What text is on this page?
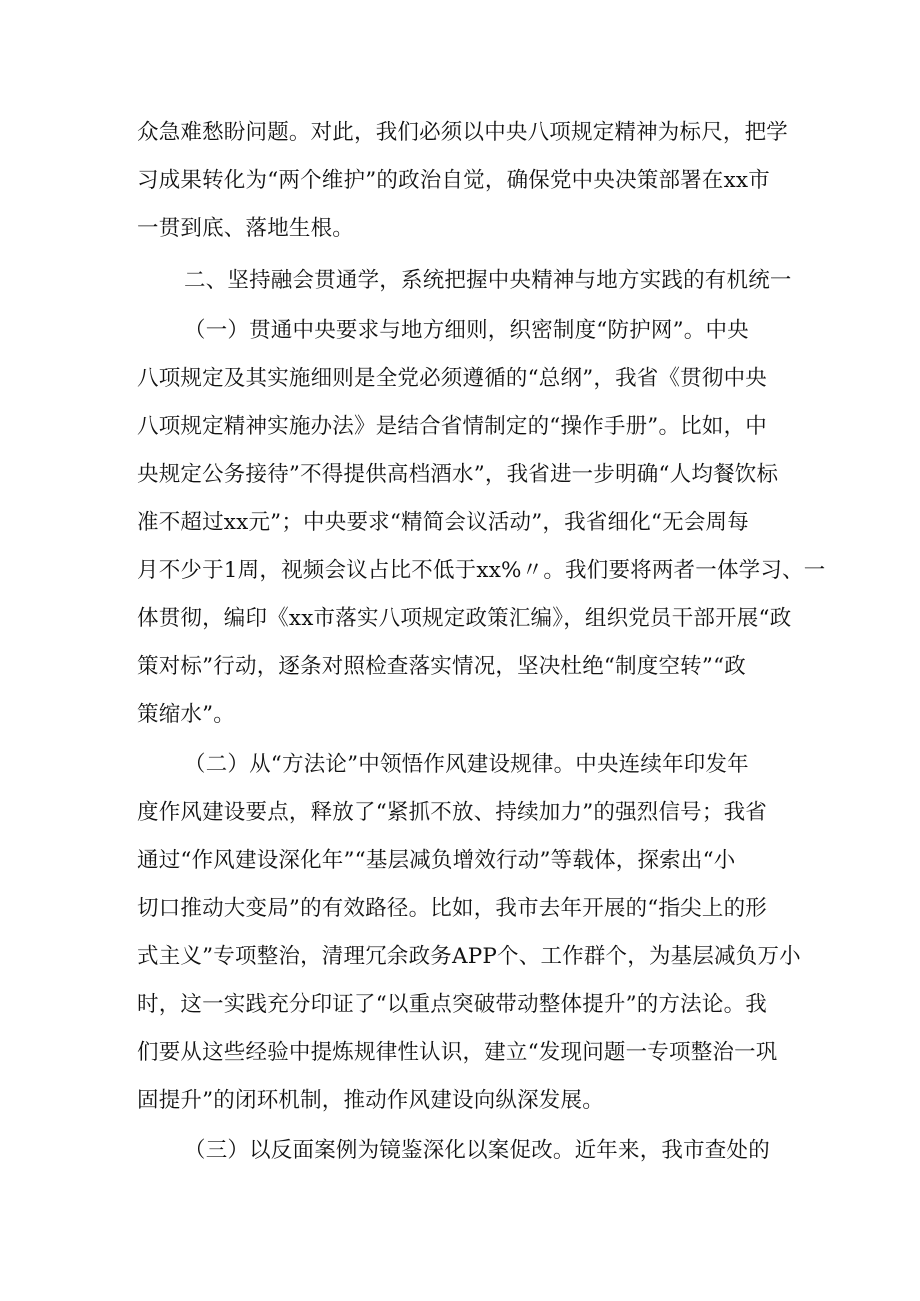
众急难愁盼问题。对此，我们必须以中央八项规定精神为标尺，把学
习成果转化为“两个维护”的政治自觉，确保党中央决策部署在xx市
一贯到底、落地生根。
二、坚持融会贯通学，系统把握中央精神与地方实践的有机统一
（一）贯通中央要求与地方细则，织密制度“防护网”。中央
八项规定及其实施细则是全党必须遵循的“总纲”，我省《贯彻中央
八项规定精神实施办法》是结合省情制定的“操作手册”。比如，中
央规定公务接待”不得提供高档酒水”，我省进一步明确“人均餐饮标
准不超过xx元”；中央要求“精简会议活动”，我省细化“无会周每
月不少于1周，视频会议占比不低于xx%〃。我们要将两者一体学习、一
体贯彻，编印《xx市落实八项规定政策汇编》，组织党员干部开展“政
策对标”行动，逐条对照检查落实情况，坚决杜绝“制度空转”“政
策缩水”。
（二）从“方法论”中领悟作风建设规律。中央连续年印发年
度作风建设要点，释放了“紧抓不放、持续加力”的强烈信号；我省
通过“作风建设深化年”“基层减负增效行动”等载体，探索出“小
切口推动大变局”的有效路径。比如，我市去年开展的“指尖上的形
式主义”专项整治，清理冗余政务APP个、工作群个，为基层减负万小
时，这一实践充分印证了“以重点突破带动整体提升”的方法论。我
们要从这些经验中提炼规律性认识，建立“发现问题一专项整治一巩
固提升”的闭环机制，推动作风建设向纵深发展。
（三）以反面案例为镜鉴深化以案促改。近年来，我市查处的
